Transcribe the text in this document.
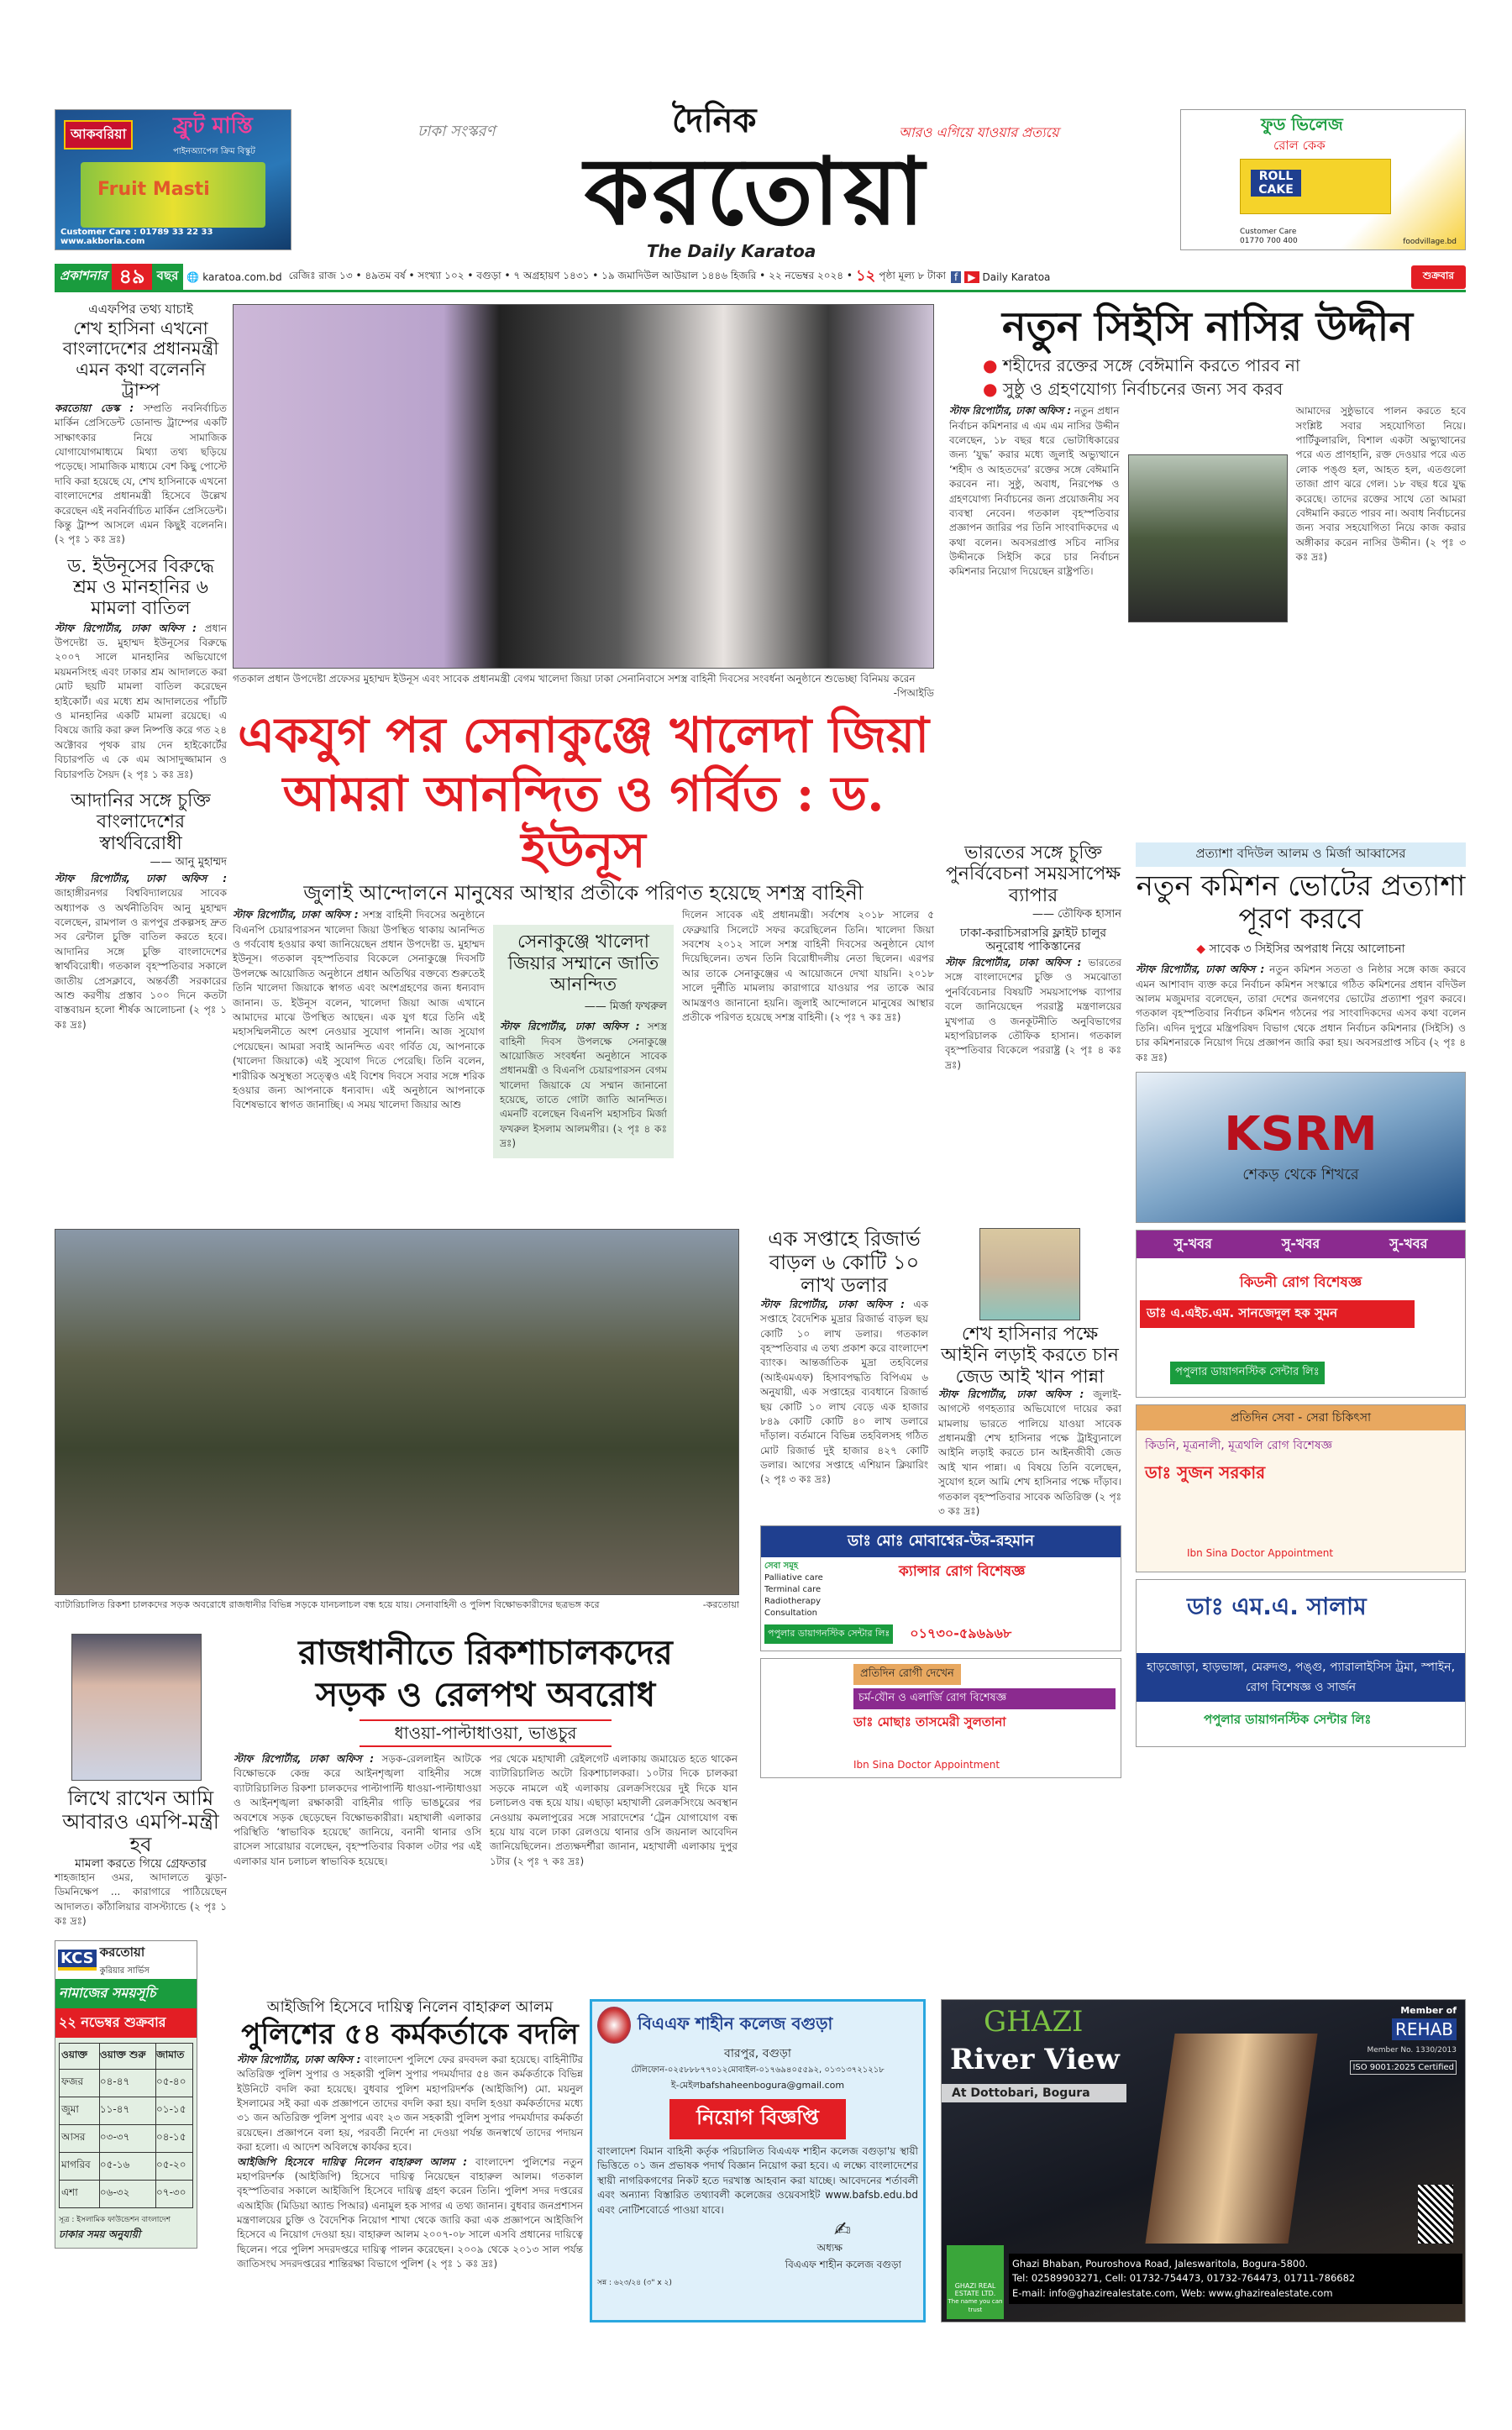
আকবরিয়া	ফ্রুট মাস্তি
পাইনঅ্যাপেল ক্রিম বিস্কুট
Fruit Masti
Customer Care : 01789 33 22 33   www.akboria.com
ঢাকা সংস্করণ	দৈনিক	আরও এগিয়ে যাওয়ার প্রত্যয়ে
করতোয়া
The Daily Karatoa
ফুড ভিলেজ
রোল কেক
ROLL CAKE
Customer Care
01770 700 400	foodvillage.bd
প্রকাশনার ৪৯ বছর 🌐 karatoa.com.bd রেজিঃ রাজ ১৩ • ৪৯তম বর্ষ • সংখ্যা ১০২ • বগুড়া • ৭ অগ্রহায়ণ ১৪৩১ • ১৯ জমাদিউল আউয়াল ১৪৪৬ হিজরি • ২২ নভেম্বর ২০২৪ • ১২ পৃষ্ঠা মূল্য ৮ টাকা f	▶ Daily Karatoa	শুক্রবার
এএফপির তথ্য যাচাই
শেখ হাসিনা এখনো বাংলাদেশের প্রধানমন্ত্রী এমন কথা বলেননি ট্রাম্প
করতোয়া ডেস্ক : সম্প্রতি নবনির্বাচিত মার্কিন প্রেসিডেন্ট ডোনাল্ড ট্রাম্পের একটি সাক্ষাৎকার নিয়ে সামাজিক যোগাযোগমাধ্যমে মিথ্যা তথ্য ছড়িয়ে পড়েছে। সামাজিক মাধ্যমে বেশ কিছু পোস্টে দাবি করা হয়েছে যে, শেখ হাসিনাকে এখনো বাংলাদেশের প্রধানমন্ত্রী হিসেবে উল্লেখ করেছেন এই নবনির্বাচিত মার্কিন প্রেসিডেন্ট। কিন্তু ট্রাম্প আসলে এমন কিছুই বলেননি। (২ পৃঃ ১ কঃ দ্রঃ)
ড. ইউনূসের বিরুদ্ধে শ্রম ও মানহানির ৬ মামলা বাতিল
স্টাফ রিপোর্টার, ঢাকা অফিস : প্রধান উপদেষ্টা ড. মুহাম্মদ ইউনূসের বিরুদ্ধে ২০০৭ সালে মানহানির অভিযোগে ময়মনসিংহ এবং ঢাকার শ্রম আদালতে করা মোট ছয়টি মামলা বাতিল করেছেন হাইকোর্ট। এর মধ্যে শ্রম আদালতের পাঁচটি ও মানহানির একটি মামলা রয়েছে। এ বিষয়ে জারি করা রুল নিষ্পত্তি করে গত ২৪ অক্টোবর পৃথক রায় দেন হাইকোর্টের বিচারপতি এ কে এম আসাদুজ্জামান ও বিচারপতি সৈয়দ (২ পৃঃ ১ কঃ দ্রঃ)
আদানির সঙ্গে চুক্তি বাংলাদেশের স্বার্থবিরোধী
—— আনু মুহাম্মদ
স্টাফ রিপোর্টার, ঢাকা অফিস : জাহাঙ্গীরনগর বিশ্ববিদ্যালয়ের সাবেক অধ্যাপক ও অর্থনীতিবিদ আনু মুহাম্মদ বলেছেন, রামপাল ও রূপপুর প্রকল্পসহ দ্রুত সব রেন্টাল চুক্তি বাতিল করতে হবে। আদানির সঙ্গে চুক্তি বাংলাদেশের স্বার্থবিরোধী। গতকাল বৃহস্পতিবার সকালে জাতীয় প্রেসক্লাবে, অন্তর্বর্তী সরকারের আশু করণীয় প্রস্তাব ১০০ দিনে কতটা বাস্তবায়ন হলো শীর্ষক আলোচনা (২ পৃঃ ১ কঃ দ্রঃ)
গতকাল প্রধান উপদেষ্টা প্রফেসর মুহাম্মদ ইউনূস এবং সাবেক প্রধানমন্ত্রী বেগম খালেদা জিয়া ঢাকা সেনানিবাসে সশস্ত্র বাহিনী দিবসের সংবর্ধনা অনুষ্ঠানে শুভেচ্ছা বিনিময় করেন
-পিআইডি
একযুগ পর সেনাকুঞ্জে খালেদা জিয়া
আমরা আনন্দিত ও গর্বিত : ড. ইউনূস
জুলাই আন্দোলনে মানুষের আস্থার প্রতীকে পরিণত হয়েছে সশস্ত্র বাহিনী
স্টাফ রিপোর্টার, ঢাকা অফিস : সশস্ত্র বাহিনী দিবসের অনুষ্ঠানে বিএনপি চেয়ারপারসন খালেদা জিয়া উপস্থিত থাকায় আনন্দিত ও গর্ববোধ হওয়ার কথা জানিয়েছেন প্রধান উপদেষ্টা ড. মুহাম্মদ ইউনূস। গতকাল বৃহস্পতিবার বিকেলে সেনাকুঞ্জে দিবসটি উপলক্ষে আয়োজিত অনুষ্ঠানে প্রধান অতিথির বক্তব্যে শুরুতেই তিনি খালেদা জিয়াকে স্বাগত এবং অংশগ্রহণের জন্য ধন্যবাদ জানান। ড. ইউনূস বলেন, খালেদা জিয়া আজ এখানে আমাদের মাঝে উপস্থিত আছেন। এক যুগ ধরে তিনি এই মহাসম্মিলনীতে অংশ নেওয়ার সুযোগ পাননি। আজ সুযোগ পেয়েছেন। আমরা সবাই আনন্দিত এবং গর্বিত যে, আপনাকে (খালেদা জিয়াকে) এই সুযোগ দিতে পেরেছি। তিনি বলেন, শারীরিক অসুস্থতা সত্ত্বেও এই বিশেষ দিবসে সবার সঙ্গে শরিক হওয়ার জন্য আপনাকে ধন্যবাদ। এই অনুষ্ঠানে আপনাকে বিশেষভাবে স্বাগত জানাচ্ছি। এ সময় খালেদা জিয়ার আশু
সেনাকুঞ্জে খালেদা জিয়ার সম্মানে জাতি আনন্দিত
—— মির্জা ফখরুল
স্টাফ রিপোর্টার, ঢাকা অফিস : সশস্ত্র বাহিনী দিবস উপলক্ষে সেনাকুঞ্জে আয়োজিত সংবর্ধনা অনুষ্ঠানে সাবেক প্রধানমন্ত্রী ও বিএনপি চেয়ারপারসন বেগম খালেদা জিয়াকে যে সম্মান জানানো হয়েছে, তাতে গোটা জাতি আনন্দিত। এমনটি বলেছেন বিএনপি মহাসচিব মির্জা ফখরুল ইসলাম আলমগীর। (২ পৃঃ ৪ কঃ দ্রঃ)
দিলেন সাবেক এই প্রধানমন্ত্রী। সর্বশেষ ২০১৮ সালের ৫ ফেব্রুয়ারি সিলেটে সফর করেছিলেন তিনি। খালেদা জিয়া সবশেষ ২০১২ সালে সশস্ত্র বাহিনী দিবসের অনুষ্ঠানে যোগ দিয়েছিলেন। তখন তিনি বিরোধীদলীয় নেতা ছিলেন। এরপর আর তাকে সেনাকুঞ্জের এ আয়োজনে দেখা যায়নি। ২০১৮ সালে দুর্নীতি মামলায় কারাগারে যাওয়ার পর তাকে আর আমন্ত্রণও জানানো হয়নি। জুলাই আন্দোলনে মানুষের আস্থার প্রতীকে পরিণত হয়েছে সশস্ত্র বাহিনী। (২ পৃঃ ৭ কঃ দ্রঃ)
নতুন সিইসি নাসির উদ্দীন
● শহীদের রক্তের সঙ্গে বেঈমানি করতে পারব না
● সুষ্ঠু ও গ্রহণযোগ্য নির্বাচনের জন্য সব করব
স্টাফ রিপোর্টার, ঢাকা অফিস : নতুন প্রধান নির্বাচন কমিশনার এ এম এম নাসির উদ্দীন বলেছেন, ১৮ বছর ধরে ভোটাধিকারের জন্য ‘যুদ্ধ’ করার মধ্যে জুলাই অভ্যুত্থানে ‘শহীদ ও আহতদের’ রক্তের সঙ্গে বেঈমানি করবেন না। সুষ্ঠু, অবাধ, নিরপেক্ষ ও গ্রহণযোগ্য নির্বাচনের জন্য প্রয়োজনীয় সব ব্যবস্থা নেবেন। গতকাল বৃহস্পতিবার প্রজ্ঞাপন জারির পর তিনি সাংবাদিকদের এ কথা বলেন। অবসরপ্রাপ্ত সচিব নাসির উদ্দীনকে সিইসি করে চার নির্বাচন কমিশনার নিয়োগ দিয়েছেন রাষ্ট্রপতি।
আমাদের সুষ্ঠুভাবে পালন করতে হবে সংশ্লিষ্ট সবার সহযোগিতা নিয়ে। পার্টিকুলারলি, বিশাল একটা অভ্যুত্থানের পরে এত প্রাণহানি, রক্ত দেওয়ার পরে এত লোক পঙ্গু হল, আহত হল, এতগুলো তাজা প্রাণ ঝরে গেল। ১৮ বছর ধরে যুদ্ধ করেছে। তাদের রক্তের সাথে তো আমরা বেঈমানি করতে পারব না। অবাধ নির্বাচনের জন্য সবার সহযোগিতা নিয়ে কাজ করার অঙ্গীকার করেন নাসির উদ্দীন। (২ পৃঃ ৩ কঃ দ্রঃ)
ভারতের সঙ্গে চুক্তি পুনর্বিবেচনা সময়সাপেক্ষ ব্যাপার
—— তৌফিক হাসান
ঢাকা-করাচিসরাসরি ফ্লাইট চালুর অনুরোধ পাকিস্তানের
স্টাফ রিপোর্টার, ঢাকা অফিস : ভারতের সঙ্গে বাংলাদেশের চুক্তি ও সমঝোতা পুনর্বিবেচনার বিষয়টি সময়সাপেক্ষ ব্যাপার বলে জানিয়েছেন পররাষ্ট্র মন্ত্রণালয়ের মুখপাত্র ও জনকূটনীতি অনুবিভাগের মহাপরিচালক তৌফিক হাসান। গতকাল বৃহস্পতিবার বিকেলে পররাষ্ট্র (২ পৃঃ ৪ কঃ দ্রঃ)
প্রত্যাশা বদিউল আলম ও মির্জা আব্বাসের
নতুন কমিশন ভোটের প্রত্যাশা পূরণ করবে
◆ সাবেক ৩ সিইসির অপরাধ নিয়ে আলোচনা
স্টাফ রিপোর্টার, ঢাকা অফিস : নতুন কমিশন সততা ও নিষ্ঠার সঙ্গে কাজ করবে এমন আশাবাদ ব্যক্ত করে নির্বাচন কমিশন সংস্কারে গঠিত কমিশনের প্রধান বদিউল আলম মজুমদার বলেছেন, তারা দেশের জনগণের ভোটের প্রত্যাশা পূরণ করবে। গতকাল বৃহস্পতিবার নির্বাচন কমিশন গঠনের পর সাংবাদিকদের এসব কথা বলেন তিনি। এদিন দুপুরে মন্ত্রিপরিষদ বিভাগ থেকে প্রধান নির্বাচন কমিশনার (সিইসি) ও চার কমিশনারকে নিয়োগ দিয়ে প্রজ্ঞাপন জারি করা হয়। অবসরপ্রাপ্ত সচিব (২ পৃঃ ৪ কঃ দ্রঃ)
KSRM
শেকড় থেকে শিখরে
সু-খবর	সু-খবর	সু-খবর
কিডনী রোগ বিশেষজ্ঞ
ডাঃ এ.এইচ.এম. সানজেদুল হক সুমন
পপুলার ডায়াগনস্টিক সেন্টার লিঃ
প্রতিদিন সেবা - সেরা চিকিৎসা
কিডনি, মূত্রনালী, মূত্রথলি রোগ বিশেষজ্ঞ
ডাঃ সুজন সরকার
Ibn Sina Doctor Appointment
ডাঃ এম.এ. সালাম
হাড়জোড়া, হাড়ভাঙ্গা, মেরুদণ্ড, পঙ্গু, প্যারালাইসিস ট্রমা, স্পাইন, রোগ বিশেষজ্ঞ ও সার্জন
পপুলার ডায়াগনস্টিক সেন্টার লিঃ
ব্যাটারিচালিত রিকশা চালকদের সড়ক অবরোধে রাজধানীর বিভিন্ন সড়কে যানচলাচল বন্ধ হয়ে যায়। সেনাবাহিনী ও পুলিশ বিক্ষোভকারীদের ছত্রভঙ্গ করে	-করতোয়া
এক সপ্তাহে রিজার্ভ বাড়ল ৬ কোটি ১০ লাখ ডলার
স্টাফ রিপোর্টার, ঢাকা অফিস : এক সপ্তাহে বৈদেশিক মুদ্রার রিজার্ভ বাড়ল ছয় কোটি ১০ লাখ ডলার। গতকাল বৃহস্পতিবার এ তথ্য প্রকাশ করে বাংলাদেশ ব্যাংক। আন্তর্জাতিক মুদ্রা তহবিলের (আইএমএফ) হিসাবপদ্ধতি বিপিএম ৬ অনুযায়ী, এক সপ্তাহের ব্যবধানে রিজার্ভ ছয় কোটি ১০ লাখ বেড়ে এক হাজার ৮৪৯ কোটি কোটি ৪০ লাখ ডলারে দাঁড়াল। বর্তমানে বিভিন্ন তহবিলসহ গঠিত মোট রিজার্ভ দুই হাজার ৪২৭ কোটি ডলার। আগের সপ্তাহে এশিয়ান ক্লিয়ারিং (২ পৃঃ ৩ কঃ দ্রঃ)
শেখ হাসিনার পক্ষে আইনি লড়াই করতে চান জেড আই খান পান্না
স্টাফ রিপোর্টার, ঢাকা অফিস : জুলাই-আগস্টে গণহত্যার অভিযোগে দায়ের করা মামলায় ভারতে পালিয়ে যাওয়া সাবেক প্রধানমন্ত্রী শেখ হাসিনার পক্ষে ট্রাইব্যুনালে আইনি লড়াই করতে চান আইনজীবী জেড আই খান পান্না। এ বিষয়ে তিনি বলেছেন, সুযোগ হলে আমি শেখ হাসিনার পক্ষে দাঁড়াব। গতকাল বৃহস্পতিবার সাবেক অতিরিক্ত (২ পৃঃ ৩ কঃ দ্রঃ)
ডাঃ মোঃ মোবাশ্বের-উর-রহমান
সেবা সমূহ
Palliative care
Terminal care
Radiotherapy
Consultation
ক্যান্সার রোগ বিশেষজ্ঞ
পপুলার ডায়াগনস্টিক সেন্টার লিঃ ০১৭৩০-৫৯৬৯৬৮
প্রতিদিন রোগী দেখেন
চর্ম-যৌন ও এলার্জি রোগ বিশেষজ্ঞ
ডাঃ মোছাঃ তাসমেরী সুলতানা
Ibn Sina Doctor Appointment
লিখে রাখেন আমি আবারও এমপি-মন্ত্রী হব
মামলা করতে গিয়ে গ্রেফতার
শাহজাহান ওমর, আদালতে ঝুড়া-ডিমনিক্ষেপ ... কারাগারে পাঠিয়েছেন আদালত। কাঁঠালিয়ার বাসস্ট্যান্ডে (২ পৃঃ ১ কঃ দ্রঃ)
KCS করতোয়া
কুরিয়ার সার্ভিস
নামাজের সময়সূচি
২২ নভেম্বর শুক্রবার
ওয়াক্ত	ওয়াক্ত শুরু	জামাত
ফজর	০৪-৪৭	০৫-৪০
জুমা	১১-৪৭	০১-১৫
আসর	০৩-৩৭	০৪-১৫
মাগরিব	০৫-১৬	০৫-২০
এশা	০৬-৩২	০৭-৩০
সূত্র : ইসলামিক ফাউন্ডেশন বাংলাদেশ
ঢাকার সময় অনুযায়ী
রাজধানীতে রিকশাচালকদের
সড়ক ও রেলপথ অবরোধ
ধাওয়া-পাল্টাধাওয়া, ভাঙচুর
স্টাফ রিপোর্টার, ঢাকা অফিস : সড়ক-রেললাইন আটকে বিক্ষোভকে কেন্দ্র করে আইনশৃঙ্খলা বাহিনীর সঙ্গে ব্যাটারিচালিত রিকশা চালকদের পাল্টাপাল্টি ধাওয়া-পাল্টাধাওয়া ও আইনশৃঙ্খলা রক্ষাকারী বাহিনীর গাড়ি ভাঙচুরের পর অবশেষে সড়ক ছেড়েছেন বিক্ষোভকারীরা। মহাখালী এলাকার পরিস্থিতি ‘স্বাভাবিক হয়েছে’ জানিয়ে, বনানী থানার ওসি রাসেল সারোয়ার বলেছেন, বৃহস্পতিবার বিকাল ৩টার পর এই এলাকার যান চলাচল স্বাভাবিক হয়েছে।
পর থেকে মহাখালী রেইলগেট এলাকায় জমায়েত হতে থাকেন ব্যাটারিচালিত অটো রিকশাচালকরা। ১০টার দিকে চালকরা সড়কে নামলে এই এলাকায় রেলক্রসিংয়ের দুই দিকে যান চলাচলও বন্ধ হয়ে যায়। এছাড়া মহাখালী রেলক্রসিংয়ে অবস্থান নেওয়ায় কমলাপুরের সঙ্গে সারাদেশের ‘ট্রেন যোগাযোগ বন্ধ হয়ে যায় বলে ঢাকা রেলওয়ে থানার ওসি জয়নাল আবেদিন জানিয়েছিলেন। প্রত্যক্ষদর্শীরা জানান, মহাখালী এলাকায় দুপুর ১টার (২ পৃঃ ৭ কঃ দ্রঃ)
আইজিপি হিসেবে দায়িত্ব নিলেন বাহারুল আলম
পুলিশের ৫৪ কর্মকর্তাকে বদলি
স্টাফ রিপোর্টার, ঢাকা অফিস : বাংলাদেশ পুলিশে ফের রদবদল করা হয়েছে। বাহিনীটির অতিরিক্ত পুলিশ সুপার ও সহকারী পুলিশ সুপার পদমর্যাদার ৫৪ জন কর্মকর্তাকে বিভিন্ন ইউনিটে বদলি করা হয়েছে। বুধবার পুলিশ মহাপরিদর্শক (আইজিপি) মো. ময়নুল ইসলামের সই করা এক প্রজ্ঞাপনে তাদের বদলি করা হয়। বদলি হওয়া কর্মকর্তাদের মধ্যে ৩১ জন অতিরিক্ত পুলিশ সুপার এবং ২৩ জন সহকারী পুলিশ সুপার পদমর্যাদার কর্মকর্তা রয়েছেন। প্রজ্ঞাপনে বলা হয়, পরবর্তী নির্দেশ না দেওয়া পর্যন্ত জনস্বার্থে তাদের পদায়ন করা হলো। এ আদেশ অবিলম্বে কার্যকর হবে।
আইজিপি হিসেবে দায়িত্ব নিলেন বাহারুল আলম : বাংলাদেশ পুলিশের নতুন মহাপরিদর্শক (আইজিপি) হিসেবে দায়িত্ব নিয়েছেন বাহারুল আলম। গতকাল বৃহস্পতিবার সকালে আইজিপি হিসেবে দায়িত্ব গ্রহণ করেন তিনি। পুলিশ সদর দপ্তরের এআইজি (মিডিয়া অ্যান্ড পিআর) এনামুল হক সাগর এ তথ্য জানান। বুধবার জনপ্রশাসন মন্ত্রণালয়ের চুক্তি ও বৈদেশিক নিয়োগ শাখা থেকে জারি করা এক প্রজ্ঞাপনে আইজিপি হিসেবে এ নিয়োগ দেওয়া হয়। বাহারুল আলম ২০০৭-০৮ সালে এসবি প্রধানের দায়িত্বে ছিলেন। পরে পুলিশ সদরদপ্তরে দায়িত্ব পালন করেছেন। ২০০৯ থেকে ২০১৩ সাল পর্যন্ত জাতিসংঘ সদরদপ্তরের শান্তিরক্ষা বিভাগে পুলিশ (২ পৃঃ ১ কঃ দ্রঃ)
বিএএফ শাহীন কলেজ বগুড়া
বারপুর, বগুড়া
টেলিফোন-০২৫৮৮৮৭৭০১২মোবাইল-০১৭৬৯৪০৫৫৯২, ০১৩১৩৭২১২১৮
ই-মেইলbafshaheenbogura@gmail.com
নিয়োগ বিজ্ঞপ্তি
বাংলাদেশ বিমান বাহিনী কর্তৃক পরিচালিত বিএএফ শাহীন কলেজ বগুড়া'য় স্থায়ী ভিত্তিতে ০১ জন প্রভাষক পদার্থ বিজ্ঞান নিয়োগ করা হবে। এ লক্ষ্যে বাংলাদেশের স্থায়ী নাগরিকগণের নিকট হতে দরখাস্ত আহবান করা যাচ্ছে। আবেদনের শর্তাবলী এবং অন্যান্য বিস্তারিত তথ্যাবলী কলেজের ওয়েবসাইট www.bafsb.edu.bd এবং নোটিশবোর্ডে পাওয়া যাবে।
✍
অধ্যক্ষ
বিএএফ শাহীন কলেজ বগুড়া
সন্ন : ৬২৩/২৪ (৩" x ২)
GHAZI
River View
At Dottobari, Bogura
Member of
REHAB
Member No. 1330/2013
ISO 9001:2025 Certified
GHAZI REAL ESTATE LTD.
The name you can trust
Ghazi Bhaban, Pouroshova Road, Jaleswaritola, Bogura-5800.
Tel: 02589903271, Cell: 01732-754473, 01732-764473, 01711-786682
E-mail: info@ghazirealestate.com, Web: www.ghazirealestate.com
